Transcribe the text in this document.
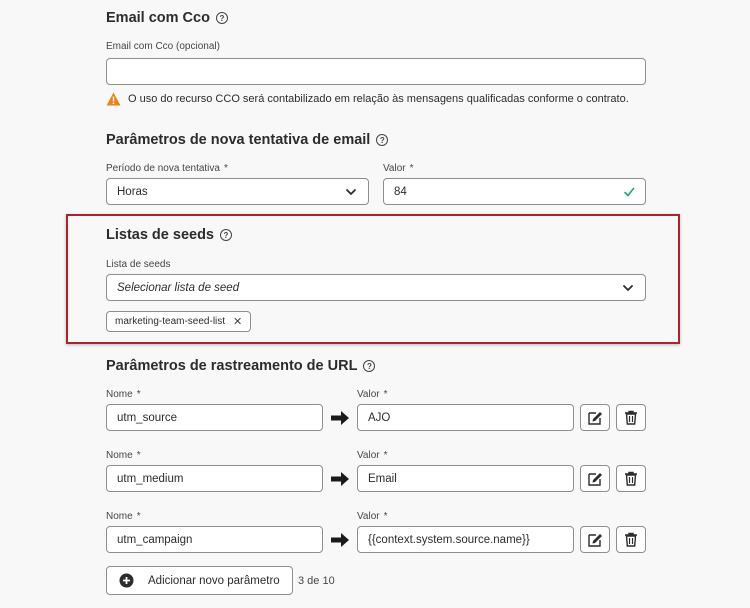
Email com Cco	?
Email com Cco (opcional)
O uso do recurso CCO será contabilizado em relação às mensagens qualificadas conforme o contrato.
Parâmetros de nova tentativa de email	?
Período de nova tentativa *
Horas
Valor *
84
Listas de seeds	?
Lista de seeds
Selecionar lista de seed
marketing-team-seed-list ✕
Parâmetros de rastreamento de URL	?
Nome *	Valor *
utm_source	AJO
Nome *	Valor *
utm_medium	Email
Nome *	Valor *
utm_campaign	{{context.system.source.name}}
Adicionar novo parâmetro 3 de 10
